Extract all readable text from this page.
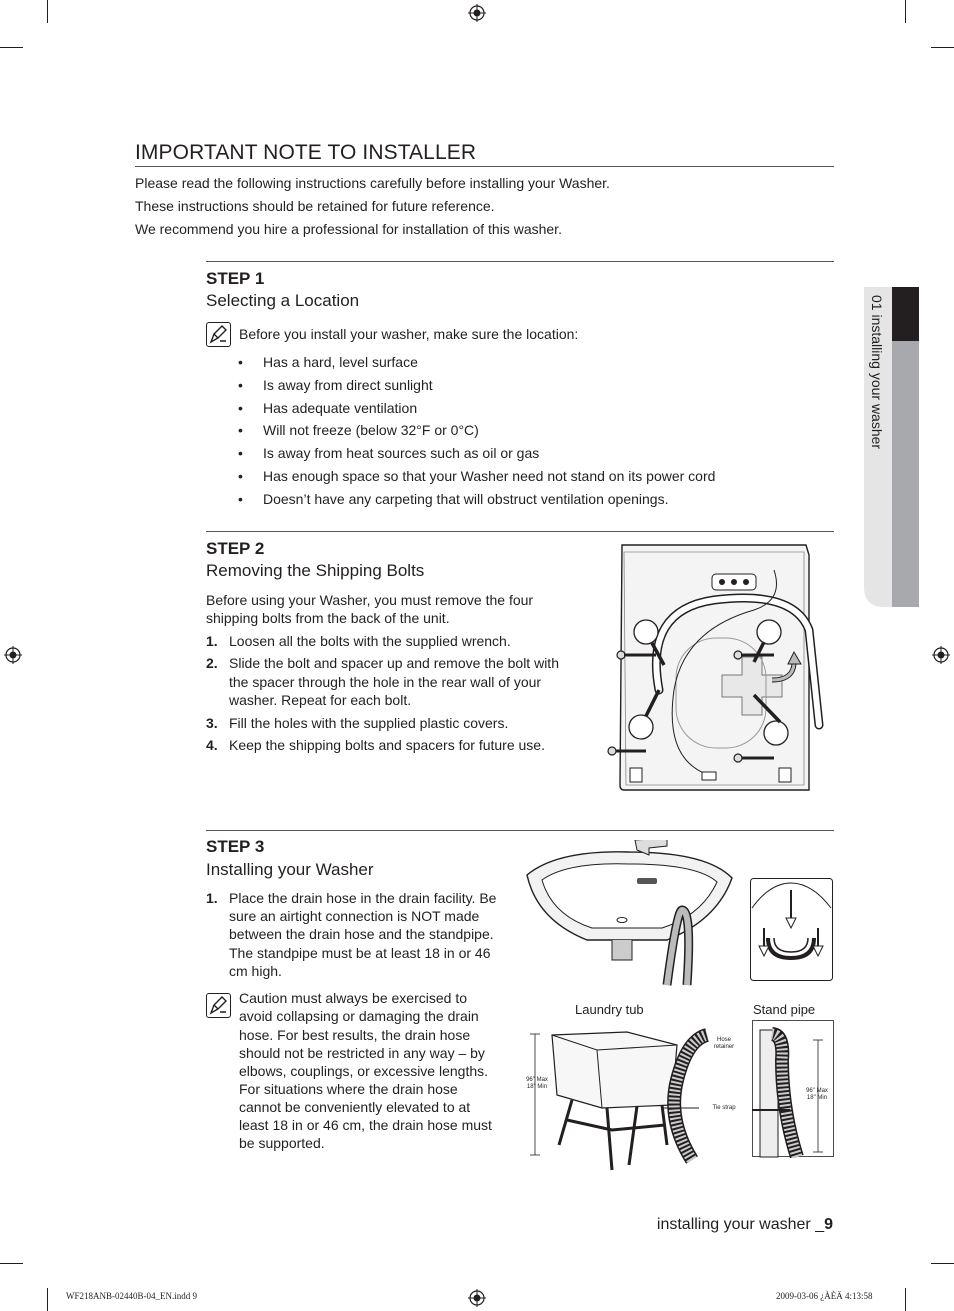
IMPORTANT NOTE TO INSTALLER
Please read the following instructions carefully before installing your Washer.
These instructions should be retained for future reference.
We recommend you hire a professional for installation of this washer.
01 installing your washer
STEP 1
Selecting a Location
Before you install your washer, make sure the location:
Has a hard, level surface
Is away from direct sunlight
Has adequate ventilation
Will not freeze (below 32°F or 0°C)
Is away from heat sources such as oil or gas
Has enough space so that your Washer need not stand on its power cord
Doesn’t have any carpeting that will obstruct ventilation openings.
STEP 2
Removing the Shipping Bolts
Before using your Washer, you must remove the four
shipping bolts from the back of the unit.
1. Loosen all the bolts with the supplied wrench.
2. Slide the bolt and spacer up and remove the bolt with
the spacer through the hole in the rear wall of your
washer. Repeat for each bolt.
3. Fill the holes with the supplied plastic covers.
4. Keep the shipping bolts and spacers for future use.
STEP 3
Installing your Washer
1. Place the drain hose in the drain facility. Be
sure an airtight connection is NOT made
between the drain hose and the standpipe.
The standpipe must be at least 18 in or 46
cm high.
Caution must always be exercised to
avoid collapsing or damaging the drain
hose. For best results, the drain hose
should not be restricted in any way – by
elbows, couplings, or excessive lengths.
For situations where the drain hose
cannot be conveniently elevated to at
least 18 in or 46 cm, the drain hose must
be supported.
Laundry tub	Stand pipe
96" Max
18" Min
Hose retainer
Tie strap
96" Max
18" Min
installing your washer _9
WF218ANB-02440B-04_EN.indd 9	2009-03-06 ¿ÀÈÄ 4:13:58
